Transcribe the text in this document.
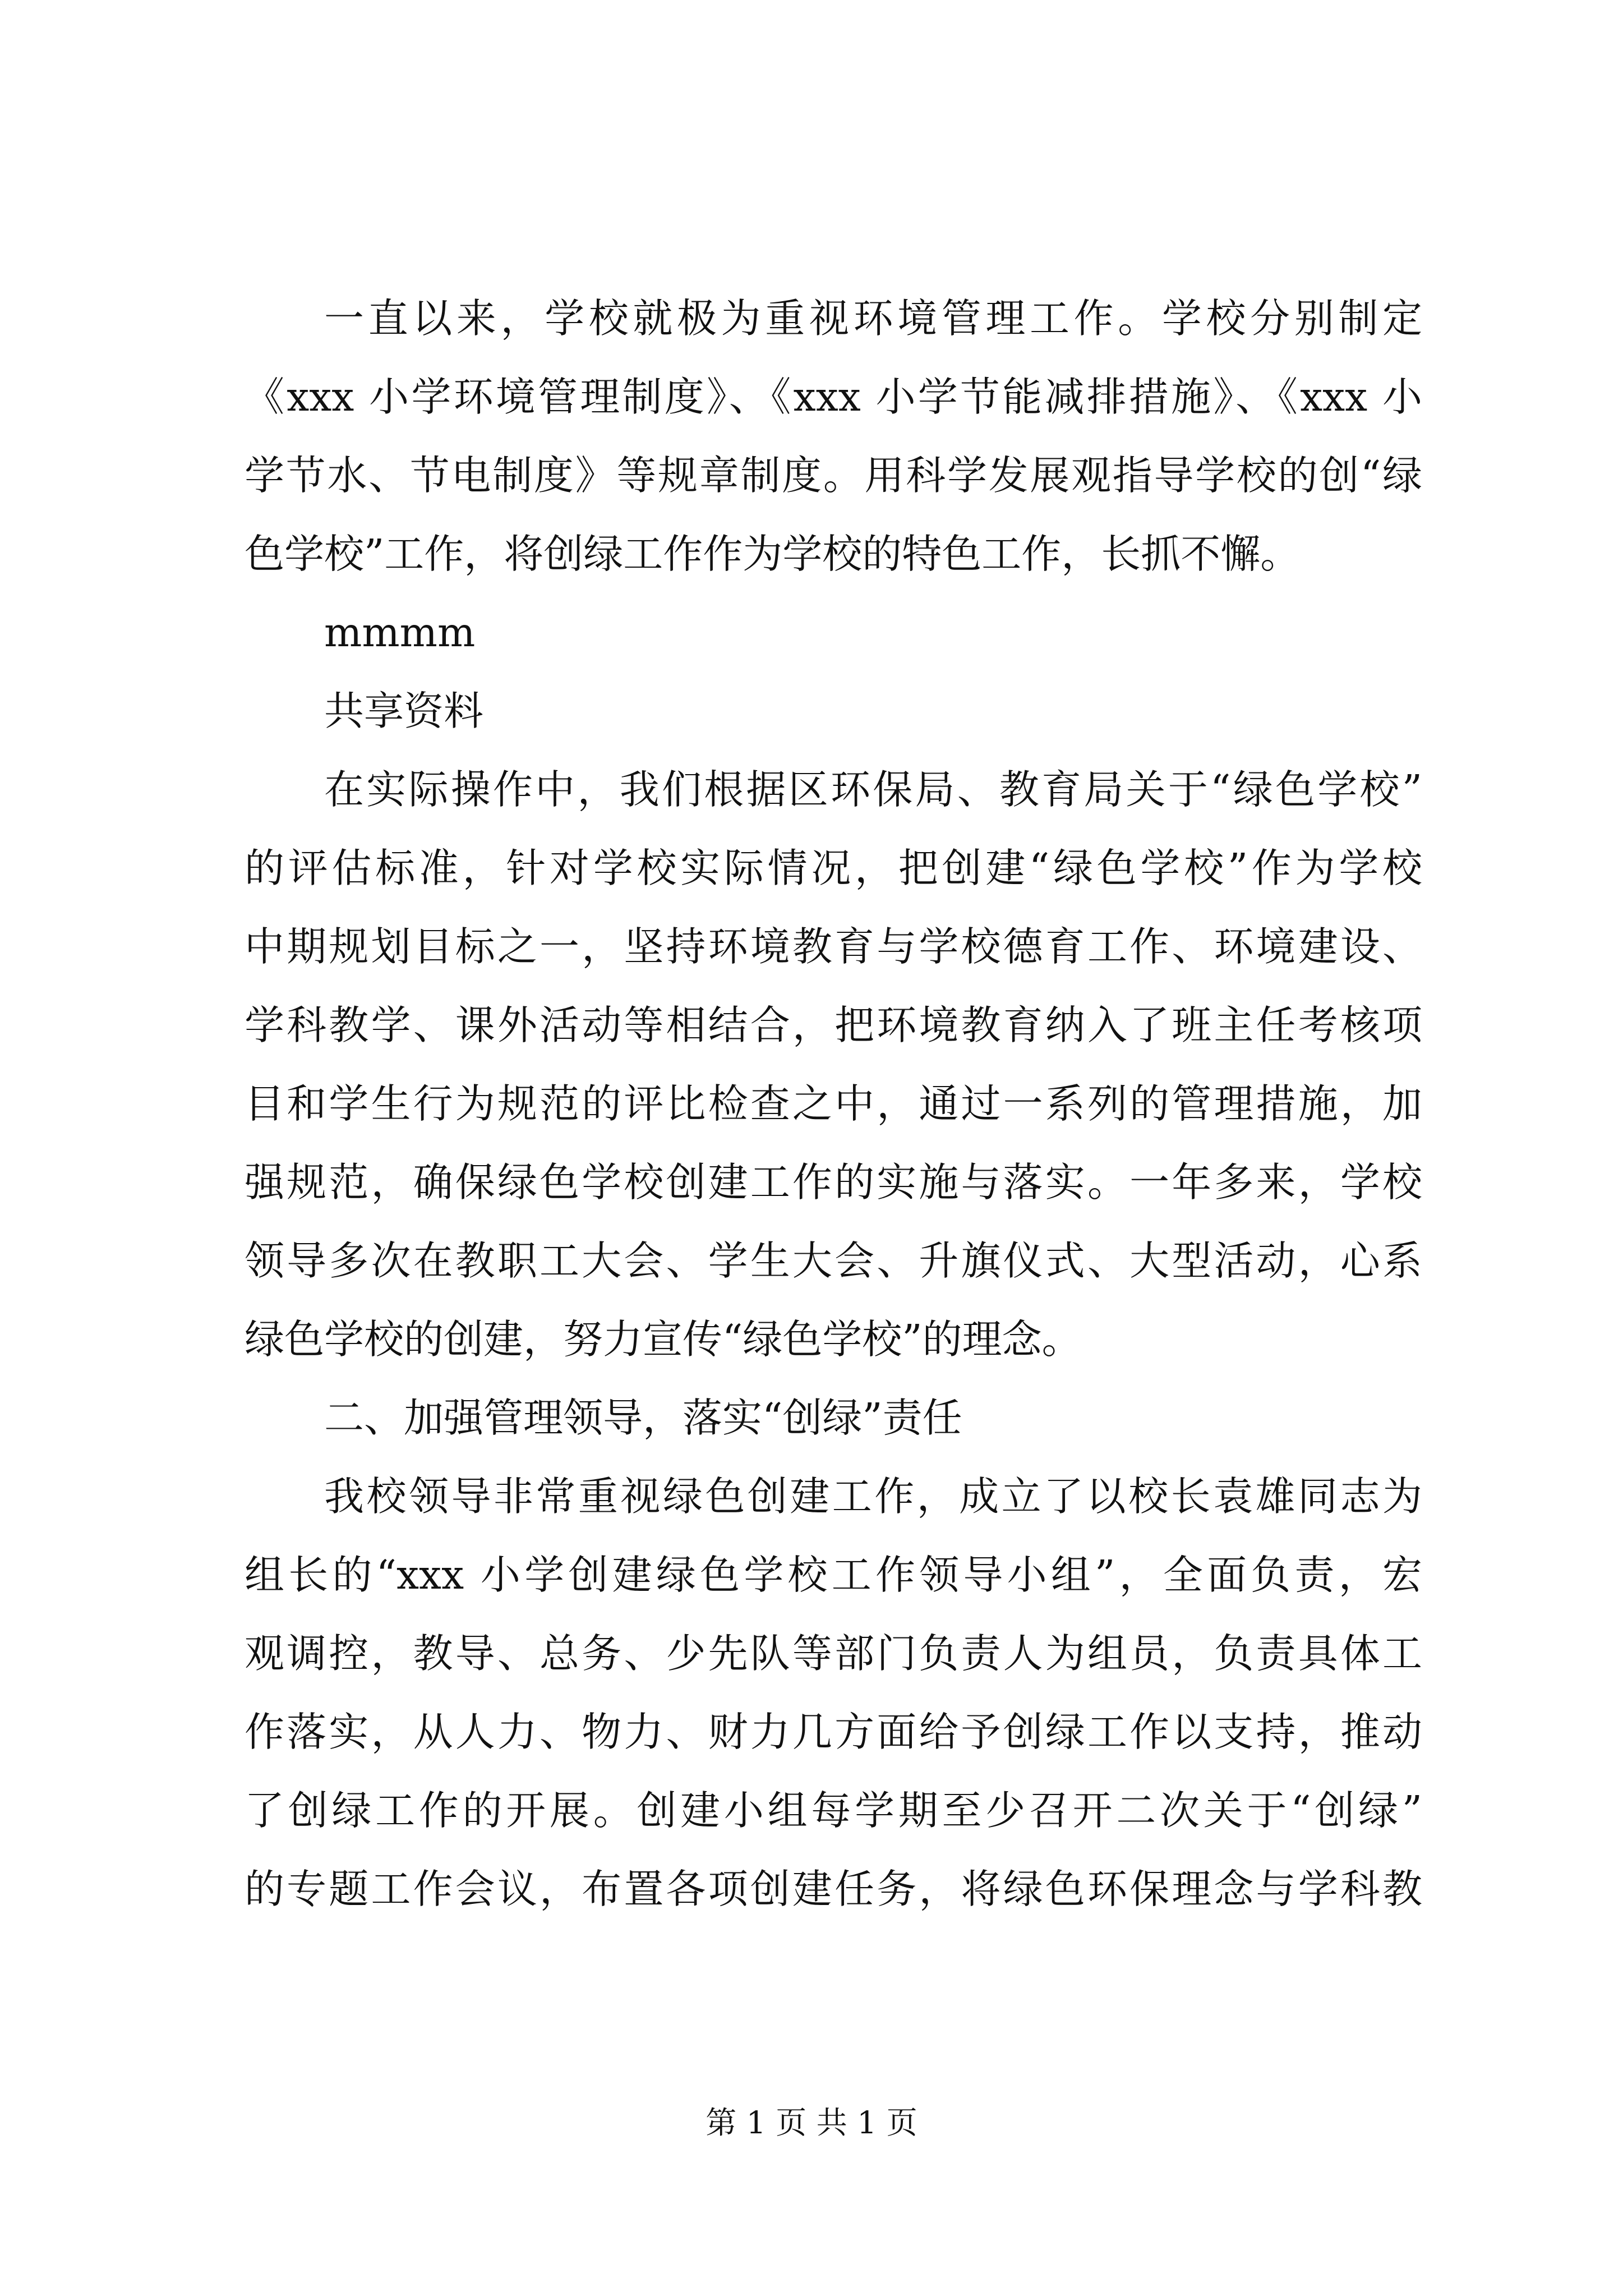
一直以来，学校就极为重视环境管理工作。学校分别制定
《xxx 小学环境管理制度》、《xxx 小学节能减排措施》、《xxx 小
学节水、节电制度》等规章制度。用科学发展观指导学校的创“绿
色学校”工作，将创绿工作作为学校的特色工作，长抓不懈。
mmmm
共享资料
在实际操作中，我们根据区环保局、教育局关于“绿色学校”
的评估标准，针对学校实际情况，把创建“绿色学校”作为学校
中期规划目标之一，坚持环境教育与学校德育工作、环境建设、
学科教学、课外活动等相结合，把环境教育纳入了班主任考核项
目和学生行为规范的评比检查之中，通过一系列的管理措施，加
强规范，确保绿色学校创建工作的实施与落实。一年多来，学校
领导多次在教职工大会、学生大会、升旗仪式、大型活动，心系
绿色学校的创建，努力宣传“绿色学校”的理念。
二、加强管理领导，落实“创绿”责任
我校领导非常重视绿色创建工作，成立了以校长袁雄同志为
组长的“xxx 小学创建绿色学校工作领导小组”，全面负责，宏
观调控，教导、总务、少先队等部门负责人为组员，负责具体工
作落实，从人力、物力、财力几方面给予创绿工作以支持，推动
了创绿工作的开展。创建小组每学期至少召开二次关于“创绿”
的专题工作会议，布置各项创建任务，将绿色环保理念与学科教
第 1 页 共 1 页
